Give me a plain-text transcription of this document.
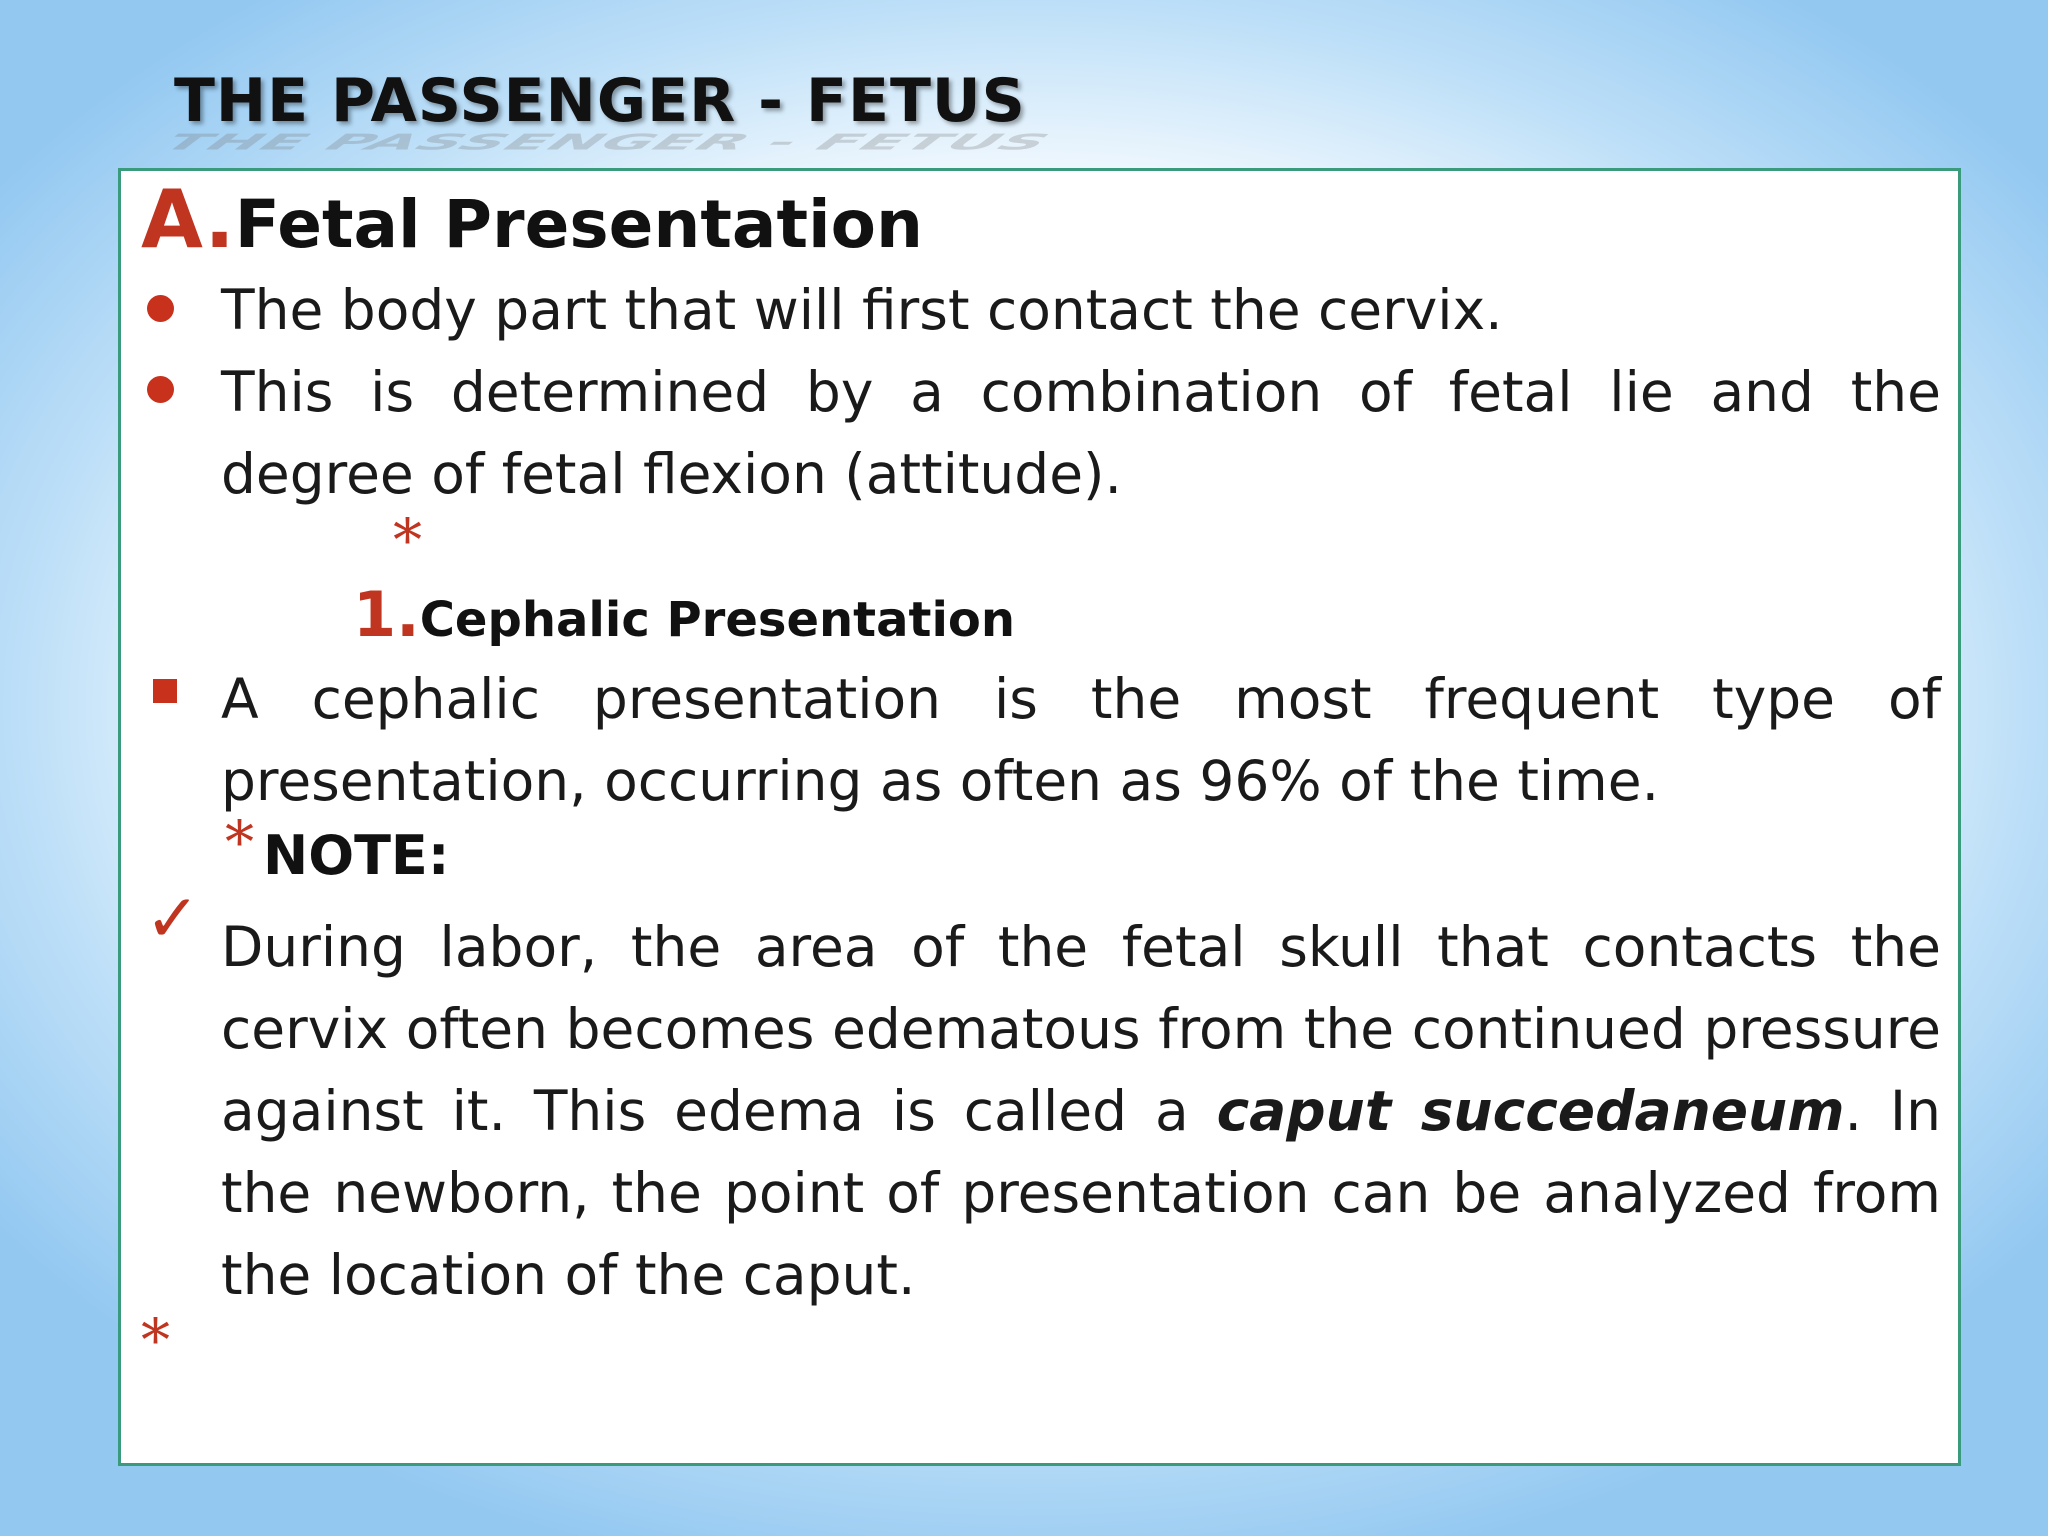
THE PASSENGER - FETUS
THE PASSENGER - FETUS
A.Fetal Presentation
The body part that will first contact the cervix.
This is determined by a combination of fetal lie and the degree of fetal flexion (attitude).
*
1.Cephalic Presentation
A cephalic presentation is the most frequent type of presentation, occurring as often as 96% of the time.
* NOTE:
✓ During labor, the area of the fetal skull that contacts the cervix often becomes edematous from the continued pressure against it. This edema is called a caput succedaneum. In the newborn, the point of presentation can be analyzed from the location of the caput.
*
